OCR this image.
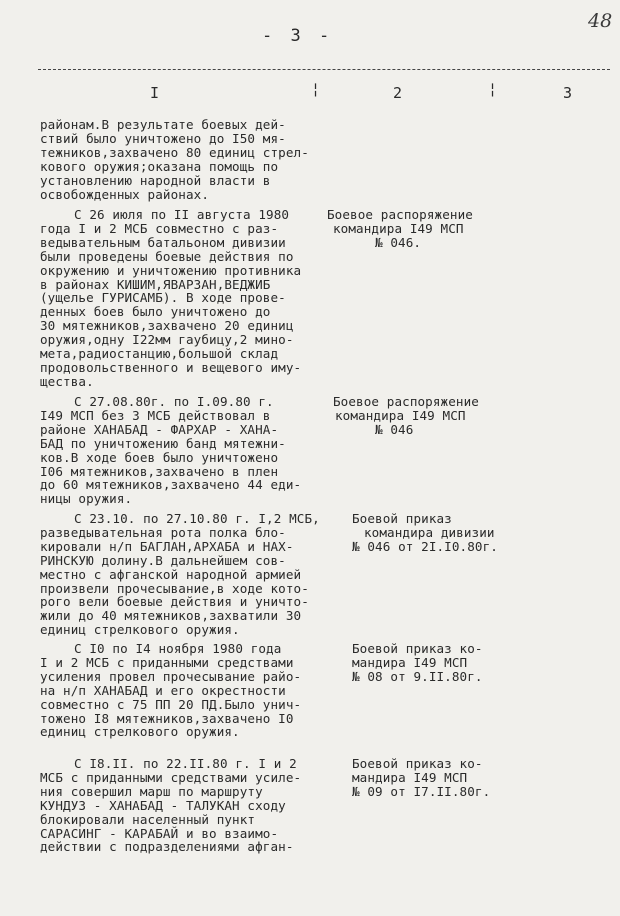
- 3 -
48
I	¦	2	¦	3
районам.В результате боевых дей-
ствий было уничтожено до I50 мя-
тежников,захвачено 80 единиц стрел-
кового оружия;оказана помощь по
установлению народной власти в
освобожденных районах.
С 26 июля по II августа 1980
года I и 2 МСБ совместно с раз-
ведывательным батальоном дивизии
были проведены боевые действия по
окружению и уничтожению противника
в районах КИШИМ,ЯВАРЗАН,ВЕДЖИБ
(ущелье ГУРИСАМБ). В ходе прове-
денных боев было уничтожено до
30 мятежников,захвачено 20 единиц
оружия,одну I22мм гаубицу,2 мино-
мета,радиостанцию,большой склад
продовольственного и вещевого иму-
щества.
Боевое распоряжение
командира I49 МСП
№ 046.
С 27.08.80г. по I.09.80 г.
I49 МСП без 3 МСБ действовал в
районе ХАНАБАД - ФАРХАР - ХАНА-
БАД по уничтожению банд мятежни-
ков.В ходе боев было уничтожено
I06 мятежников,захвачено в плен
до 60 мятежников,захвачено 44 еди-
ницы оружия.
Боевое распоряжение
командира I49 МСП
№ 046
С 23.10. по 27.10.80 г. I,2 МСБ,
разведывательная рота полка бло-
кировали н/п БАГЛАН,АРХАБА и НАХ-
РИНСКУЮ долину.В дальнейшем сов-
местно с афганской народной армией
произвели прочесывание,в ходе кото-
рого вели боевые действия и уничто-
жили до 40 мятежников,захватили 30
единиц стрелкового оружия.
Боевой приказ
командира дивизии
№ 046 от 2I.I0.80г.
С I0 по I4 ноября 1980 года
I и 2 МСБ с приданными средствами
усиления провел прочесывание райо-
на н/п ХАНАБАД и его окрестности
совместно с 75 ПП 20 ПД.Было унич-
тожено I8 мятежников,захвачено I0
единиц стрелкового оружия.
Боевой приказ ко-
мандира I49 МСП
№ 08 от 9.II.80г.
С I8.II. по 22.II.80 г. I и 2
МСБ с приданными средствами усиле-
ния совершил марш по маршруту
КУНДУЗ - ХАНАБАД - ТАЛУКАН сходу
блокировали населенный пункт
САРАСИНГ - КАРАБАЙ и во взаимо-
действии с подразделениями афган-
Боевой приказ ко-
мандира I49 МСП
№ 09 от I7.II.80г.
